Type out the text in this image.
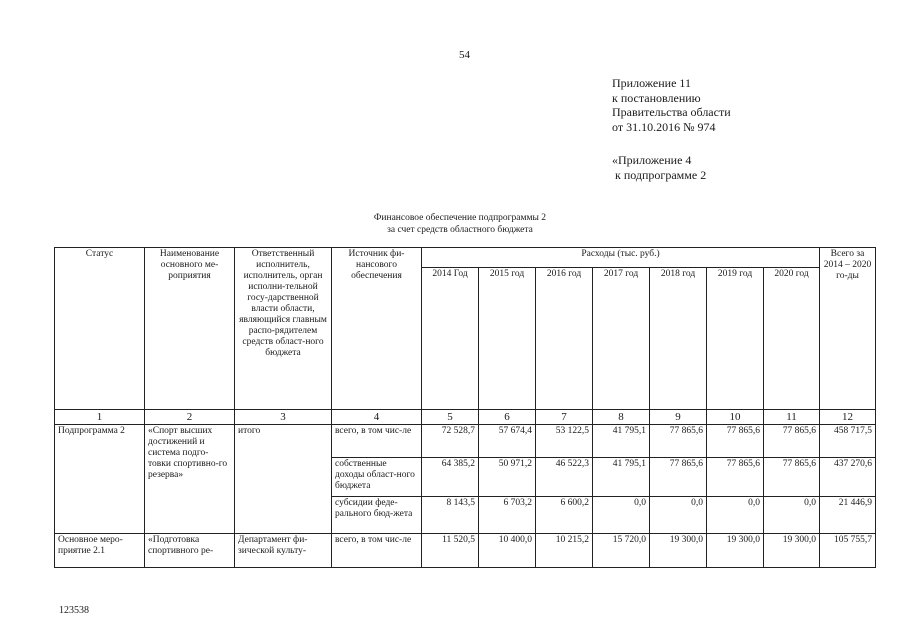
54
Приложение 11
к постановлению
Правительства области
от 31.10.2016 № 974
«Приложение 4
к подпрограмме 2
Финансовое обеспечение подпрограммы 2
за счет средств областного бюджета
Статус	Наименование основного ме-роприятия	Ответственный исполнитель, исполнитель, орган исполни-тельной госу-дарственной власти области, являющийся главным распо-рядителем средств област-ного бюджета	Источник фи-нансового обеспечения	Расходы (тыс. руб.)							Всего за 2014 – 2020 го-ды
				2014 Год	2015 год	2016 год	2017 год	2018 год	2019 год	2020 год	
1	2	3	4	5	6	7	8	9	10	11	12
Подпрограмма 2	«Спорт высших достижений и система подго-товки спортивно-го резерва»	итого	всего, в том чис-ле	72 528,7	57 674,4	53 122,5	41 795,1	77 865,6	77 865,6	77 865,6	458 717,5
			собственные доходы област-ного бюджета	64 385,2	50 971,2	46 522,3	41 795,1	77 865,6	77 865,6	77 865,6	437 270,6
			субсидии феде-рального бюд-жета	8 143,5	6 703,2	6 600,2	0,0	0,0	0,0	0,0	21 446,9
Основное меро-приятие 2.1	«Подготовка спортивного ре-	Департамент фи-зической культу-	всего, в том чис-ле	11 520,5	10 400,0	10 215,2	15 720,0	19 300,0	19 300,0	19 300,0	105 755,7
123538
